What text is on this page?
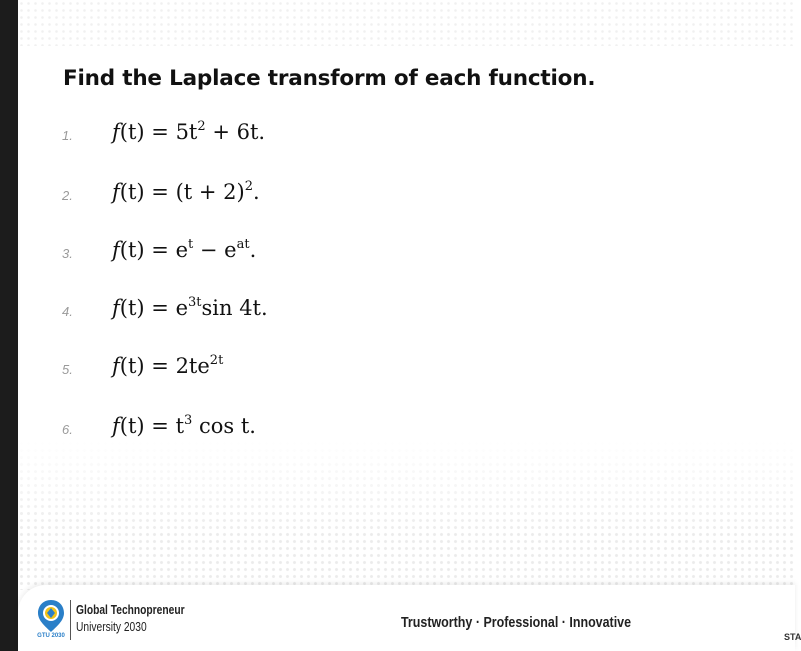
Find the Laplace transform of each function.
1. $f(t) = 5t^2 + 6t$.
2. $f(t) = (t + 2)^2$.
3. $f(t) = e^t - e^{at}$.
4. $f(t) = e^{3t}\sin$ 4t.
5. $f(t) = 2te^{2t}$
6. $f(t) = t^3$ cos t.
GTU 2030
Global Technopreneur
University 2030	Trustworthy · Professional · Innovative
STA
